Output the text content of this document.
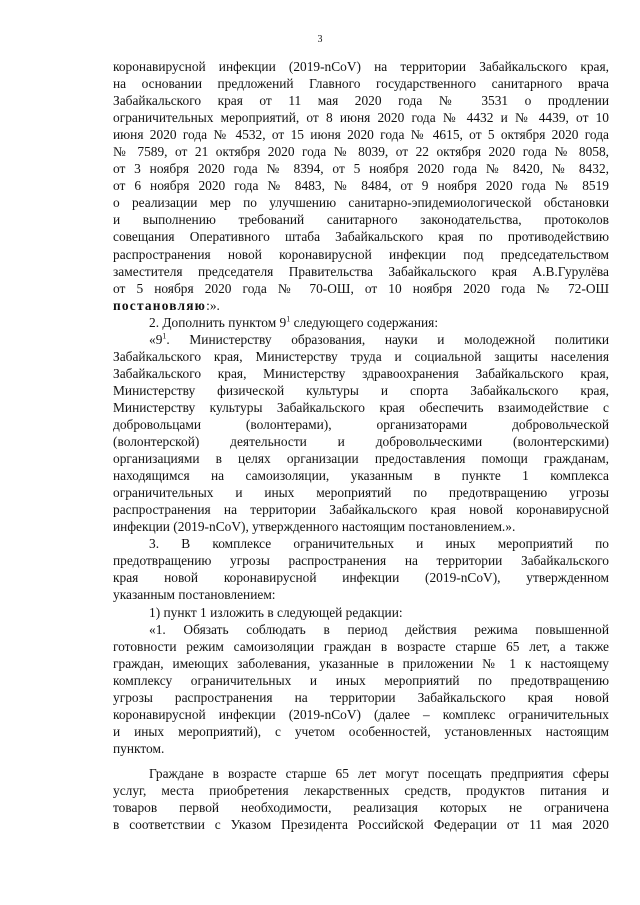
3
коронавирусной инфекции (2019-nCoV) на территории Забайкальского края,
на основании предложений Главного государственного санитарного врача
Забайкальского края от 11 мая 2020 года № 3531 о продлении
ограничительных мероприятий, от 8 июня 2020 года № 4432 и № 4439, от 10
июня 2020 года № 4532, от 15 июня 2020 года № 4615, от 5 октября 2020 года
№ 7589, от 21 октября 2020 года № 8039, от 22 октября 2020 года № 8058,
от 3 ноября 2020 года № 8394, от 5 ноября 2020 года № 8420, № 8432,
от 6 ноября 2020 года № 8483, № 8484, от 9 ноября 2020 года № 8519
о реализации мер по улучшению санитарно-эпидемиологической обстановки
и выполнению требований санитарного законодательства, протоколов
совещания Оперативного штаба Забайкальского края по противодействию
распространения новой коронавирусной инфекции под председательством
заместителя председателя Правительства Забайкальского края А.В.Гурулёва
от 5 ноября 2020 года № 70-ОШ, от 10 ноября 2020 года № 72-ОШ
постановляю:».
2. Дополнить пунктом $9^1$ следующего содержания:
«$9^1$. Министерству образования, науки и молодежной политики
Забайкальского края, Министерству труда и социальной защиты населения
Забайкальского края, Министерству здравоохранения Забайкальского края,
Министерству физической культуры и спорта Забайкальского края,
Министерству культуры Забайкальского края обеспечить взаимодействие с
добровольцами (волонтерами), организаторами добровольческой
(волонтерской) деятельности и добровольческими (волонтерскими)
организациями в целях организации предоставления помощи гражданам,
находящимся на самоизоляции, указанным в пункте 1 комплекса
ограничительных и иных мероприятий по предотвращению угрозы
распространения на территории Забайкальского края новой коронавирусной
инфекции (2019-nCoV), утвержденного настоящим постановлением.».
3. В комплексе ограничительных и иных мероприятий по
предотвращению угрозы распространения на территории Забайкальского
края новой коронавирусной инфекции (2019-nCoV), утвержденном
указанным постановлением:
1) пункт 1 изложить в следующей редакции:
«1. Обязать соблюдать в период действия режима повышенной
готовности режим самоизоляции граждан в возрасте старше 65 лет, а также
граждан, имеющих заболевания, указанные в приложении № 1 к настоящему
комплексу ограничительных и иных мероприятий по предотвращению
угрозы распространения на территории Забайкальского края новой
коронавирусной инфекции (2019-nCoV) (далее – комплекс ограничительных
и иных мероприятий), с учетом особенностей, установленных настоящим
пунктом.
Граждане в возрасте старше 65 лет могут посещать предприятия сферы
услуг, места приобретения лекарственных средств, продуктов питания и
товаров первой необходимости, реализация которых не ограничена
в соответствии с Указом Президента Российской Федерации от 11 мая 2020
